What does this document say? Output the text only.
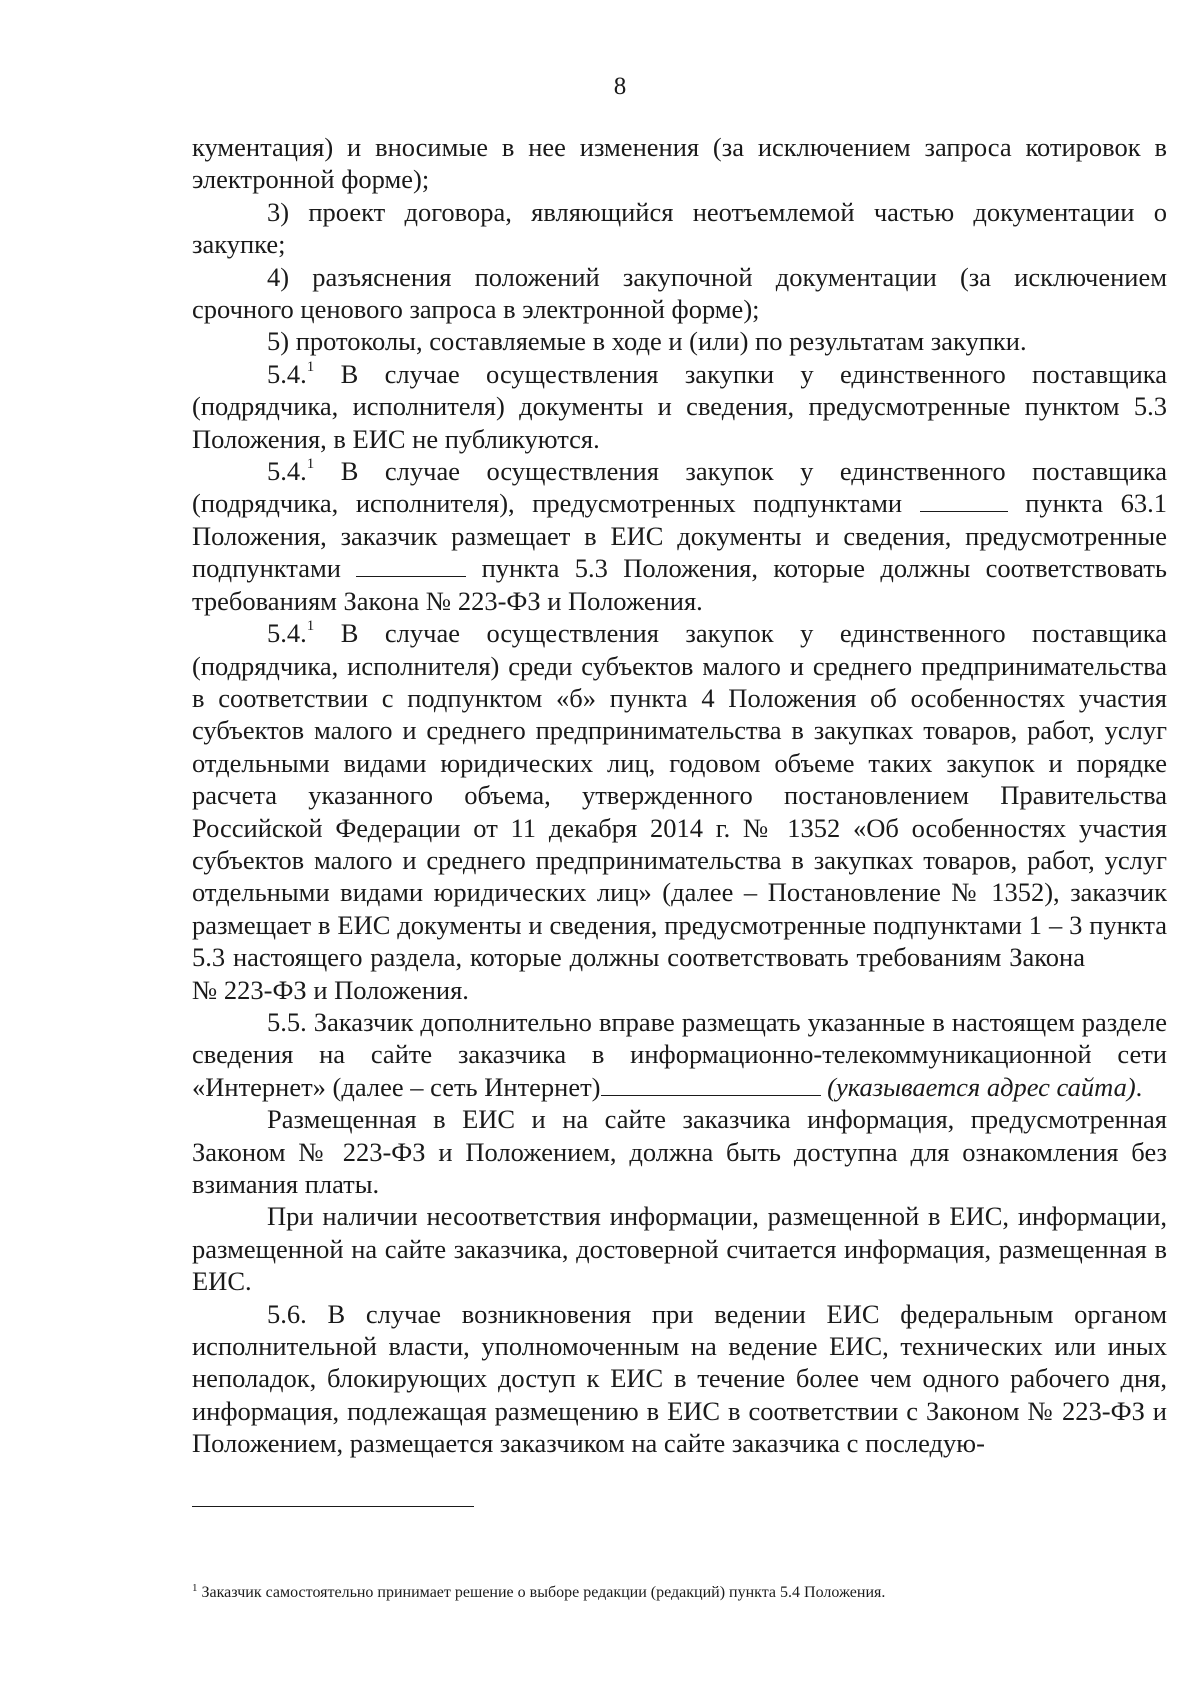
8

кументация) и вносимые в нее изменения (за исключением запроса котировок в электронной форме);

3) проект договора, являющийся неотъемлемой частью документации о закупке;

4) разъяснения положений закупочной документации (за исключением срочного ценового запроса в электронной форме);

5) протоколы, составляемые в ходе и (или) по результатам закупки.

5.4.$^1$ В случае осуществления закупки у единственного поставщика (подрядчика, исполнителя) документы и сведения, предусмотренные пунктом 5.3 Положения, в ЕИС не публикуются.

5.4.$^1$ В случае осуществления закупок у единственного поставщика (подрядчика, исполнителя), предусмотренных подпунктами	пункта 63.1 Положения, заказчик размещает в ЕИС документы и сведения, предусмотренные подпунктами	пункта 5.3 Положения, которые должны соответствовать требованиям Закона № 223-ФЗ и Положения.

5.4.$^1$ В случае осуществления закупок у единственного поставщика (подрядчика, исполнителя) среди субъектов малого и среднего предпринимательства в соответствии с подпунктом «б» пункта 4 Положения об особенностях участия субъектов малого и среднего предпринимательства в закупках товаров, работ, услуг отдельными видами юридических лиц, годовом объеме таких закупок и порядке расчета указанного объема, утвержденного постановлением Правительства Российской Федерации от 11 декабря 2014 г. № 1352 «Об особенностях участия субъектов малого и среднего предпринимательства в закупках товаров, работ, услуг отдельными видами юридических лиц» (далее – Постановление № 1352), заказчик размещает в ЕИС документы и сведения, предусмотренные подпунктами 1 – 3 пункта 5.3 настоящего раздела, которые должны соответствовать требованиям Закона№ 223-ФЗ и Положения.

5.5. Заказчик дополнительно вправе размещать указанные в настоящем разделе сведения на сайте заказчика в информационно-телекоммуникационной сети «Интернет» (далее – сеть Интернет)	(указывается адрес сайта).

Размещенная в ЕИС и на сайте заказчика информация, предусмотренная Законом № 223-ФЗ и Положением, должна быть доступна для ознакомления без взимания платы.

При наличии несоответствия информации, размещенной в ЕИС, информации, размещенной на сайте заказчика, достоверной считается информация, размещенная в ЕИС.

5.6. В случае возникновения при ведении ЕИС федеральным органом исполнительной власти, уполномоченным на ведение ЕИС, технических или иных неполадок, блокирующих доступ к ЕИС в течение более чем одного рабочего дня, информация, подлежащая размещению в ЕИС в соответствии с Законом № 223-ФЗ и Положением, размещается заказчиком на сайте заказчика с последую-

$^1$ Заказчик самостоятельно принимает решение о выборе редакции (редакций) пункта 5.4 Положения.
